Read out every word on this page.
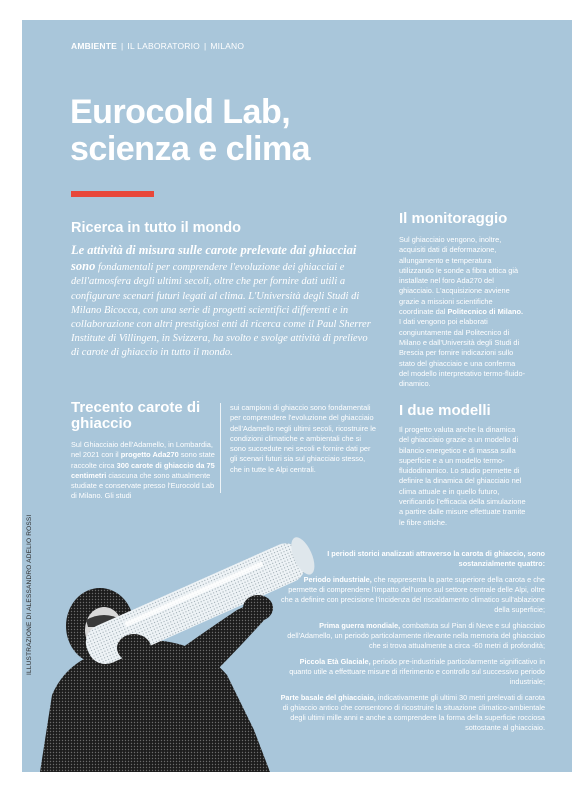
AMBIENTE | IL LABORATORIO | MILANO
Eurocold Lab, scienza e clima
Ricerca in tutto il mondo

Le attività di misura sulle carote prelevate dai ghiacciai sono fondamentali per comprendere l'evoluzione dei ghiacciai e dell'atmosfera degli ultimi secoli, oltre che per fornire dati utili a configurare scenari futuri legati al clima. L'Università degli Studi di Milano Bicocca, con una serie di progetti scientifici differenti e in collaborazione con altri prestigiosi enti di ricerca come il Paul Sherrer Institute di Villingen, in Svizzera, ha svolto e svolge attività di prelievo di carote di ghiaccio in tutto il mondo.

Trecento carote di ghiaccio

Sul Ghiacciaio dell'Adamello, in Lombardia, nel 2021 con il progetto Ada270 sono state raccolte circa 300 carote di ghiaccio da 75 centimetri ciascuna che sono attualmente studiate e conservate presso l'Eurocold Lab di Milano. Gli studi

sui campioni di ghiaccio sono fondamentali per comprendere l'evoluzione del ghiacciaio dell'Adamello negli ultimi secoli, ricostruire le condizioni climatiche e ambientali che si sono succedute nei secoli e fornire dati per gli scenari futuri sia sul ghiacciaio stesso, che in tutte le Alpi centrali.

Il monitoraggio

Sul ghiacciaio vengono, inoltre, acquisiti dati di deformazione, allungamento e temperatura utilizzando le sonde a fibra ottica già installate nel foro Ada270 del ghiacciaio. L'acquisizione avviene grazie a missioni scientifiche coordinate dal Politecnico di Milano. I dati vengono poi elaborati congiuntamente dal Politecnico di Milano e dall'Università degli Studi di Brescia per fornire indicazioni sullo stato del ghiacciaio e una conferma del modello interpretativo termo-fluido-dinamico.

I due modelli

Il progetto valuta anche la dinamica del ghiacciaio grazie a un modello di bilancio energetico e di massa sulla superficie e a un modello termo-fluidodinamico. Lo studio permette di definire la dinamica del ghiacciaio nel clima attuale e in quello futuro, verificando l'efficacia della simulazione a partire dalle misure effettuate tramite le fibre ottiche.

ILLUSTRAZIONE DI ALESSANDRO ADELIO ROSSI	I periodi storici analizzati attraverso la carota di ghiaccio, sono sostanzialmente quattro:

Periodo industriale, che rappresenta la parte superiore della carota e che permette di comprendere l'impatto dell'uomo sul settore centrale delle Alpi, oltre che a definire con precisione l'incidenza del riscaldamento climatico sull'ablazione della superficie;

Prima guerra mondiale, combattuta sul Pian di Neve e sul ghiacciaio dell'Adamello, un periodo particolarmente rilevante nella memoria del ghiacciaio che si trova attualmente a circa -60 metri di profondità;

Piccola Età Glaciale, periodo pre-industriale particolarmente significativo in quanto utile a effettuare misure di riferimento e controllo sul successivo periodo industriale;

Parte basale del ghiacciaio, indicativamente gli ultimi 30 metri prelevati di carota di ghiaccio antico che consentono di ricostruire la situazione climatico-ambientale degli ultimi mille anni e anche a comprendere la forma della superficie rocciosa sottostante al ghiacciaio.
